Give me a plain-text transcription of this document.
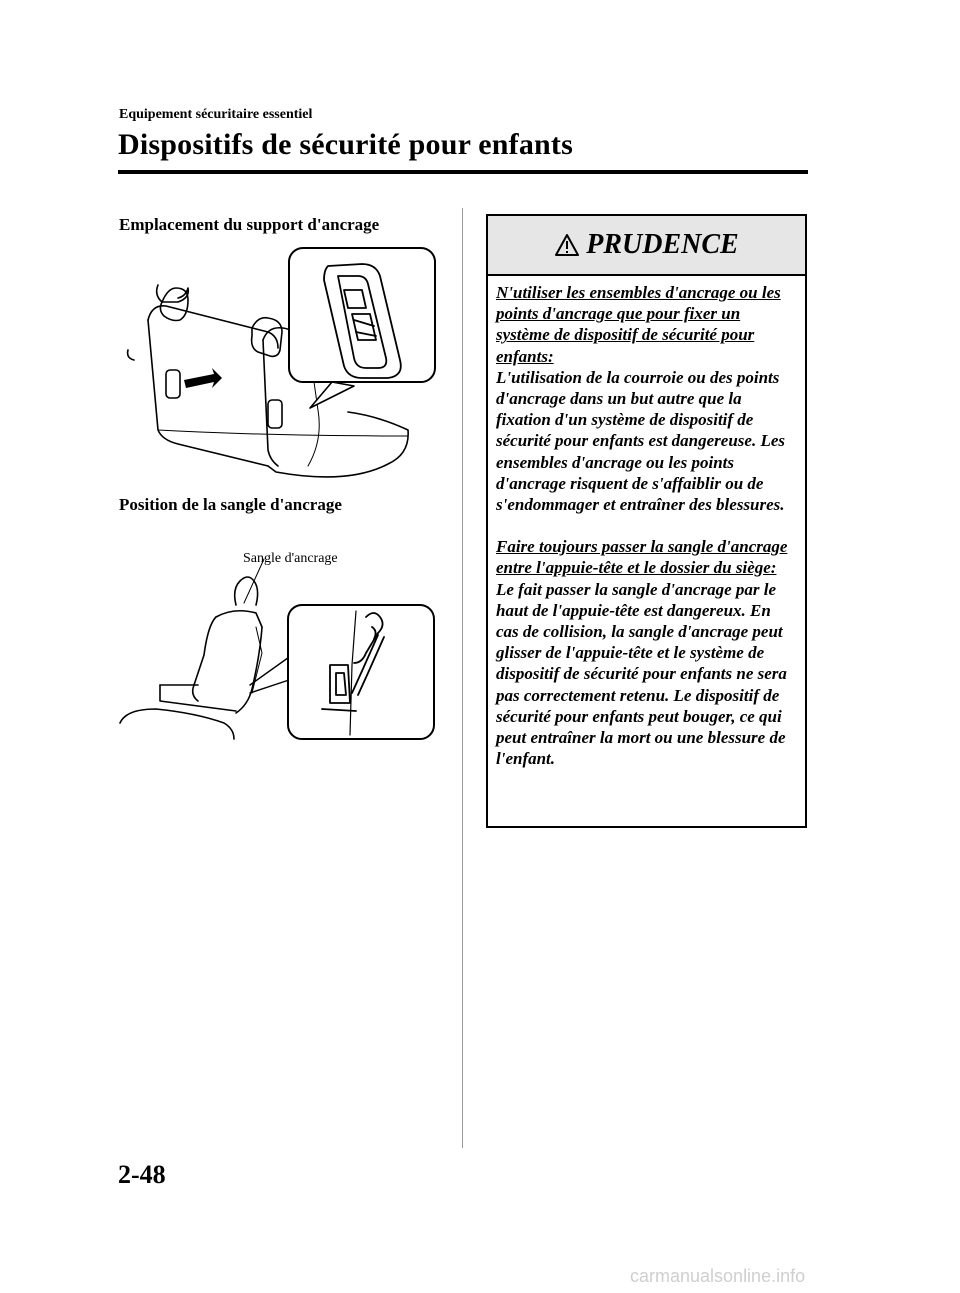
Equipement sécuritaire essentiel
Dispositifs de sécurité pour enfants
Emplacement du support d'ancrage
Position de la sangle d'ancrage
Sangle d'ancrage
PRUDENCE
N'utiliser les ensembles d'ancrage ou les points d'ancrage que pour fixer un système de dispositif de sécurité pour enfants:
L'utilisation de la courroie ou des points d'ancrage dans un but autre que la fixation d'un système de dispositif de sécurité pour enfants est dangereuse. Les ensembles d'ancrage ou les points d'ancrage risquent de s'affaiblir ou de s'endommager et entraîner des blessures.
Faire toujours passer la sangle d'ancrage entre l'appuie-tête et le dossier du siège:
Le fait passer la sangle d'ancrage par le haut de l'appuie-tête est dangereux. En cas de collision, la sangle d'ancrage peut glisser de l'appuie-tête et le système de dispositif de sécurité pour enfants ne sera pas correctement retenu. Le dispositif de sécurité pour enfants peut bouger, ce qui peut entraîner la mort ou une blessure de l'enfant.
2-48
carmanualsonline.info
